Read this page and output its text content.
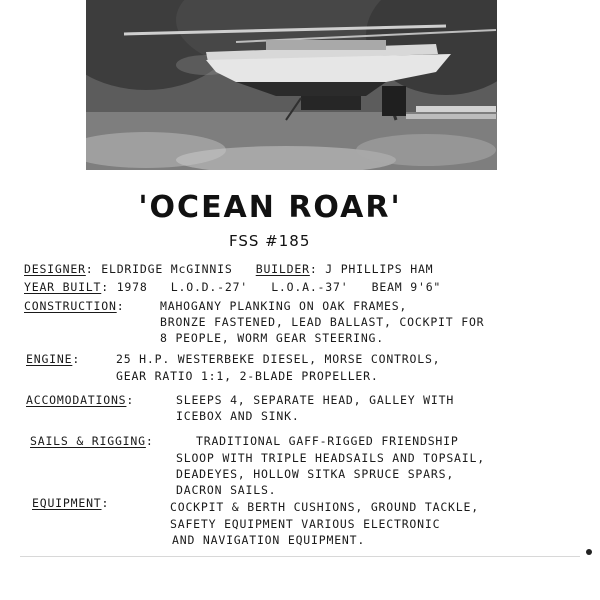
'OCEAN ROAR'
FSS #185
DESIGNER: ELDRIDGE McGINNIS BUILDER: J PHILLIPS HAM
YEAR BUILT: 1978 L.O.D.-27' L.O.A.-37' BEAM 9'6"
CONSTRUCTION:	MAHOGANY PLANKING ON OAK FRAMES,
BRONZE FASTENED, LEAD BALLAST, COCKPIT FOR
8 PEOPLE, WORM GEAR STEERING.
ENGINE:	25 H.P. WESTERBEKE DIESEL, MORSE CONTROLS,
GEAR RATIO 1:1, 2-BLADE PROPELLER.
ACCOMODATIONS:	SLEEPS 4, SEPARATE HEAD, GALLEY WITH
ICEBOX AND SINK.
SAILS & RIGGING:	TRADITIONAL GAFF-RIGGED FRIENDSHIP
SLOOP WITH TRIPLE HEADSAILS AND TOPSAIL,
DEADEYES, HOLLOW SITKA SPRUCE SPARS,
DACRON SAILS.
EQUIPMENT:	COCKPIT & BERTH CUSHIONS, GROUND TACKLE,
SAFETY EQUIPMENT VARIOUS ELECTRONIC
AND NAVIGATION EQUIPMENT.
